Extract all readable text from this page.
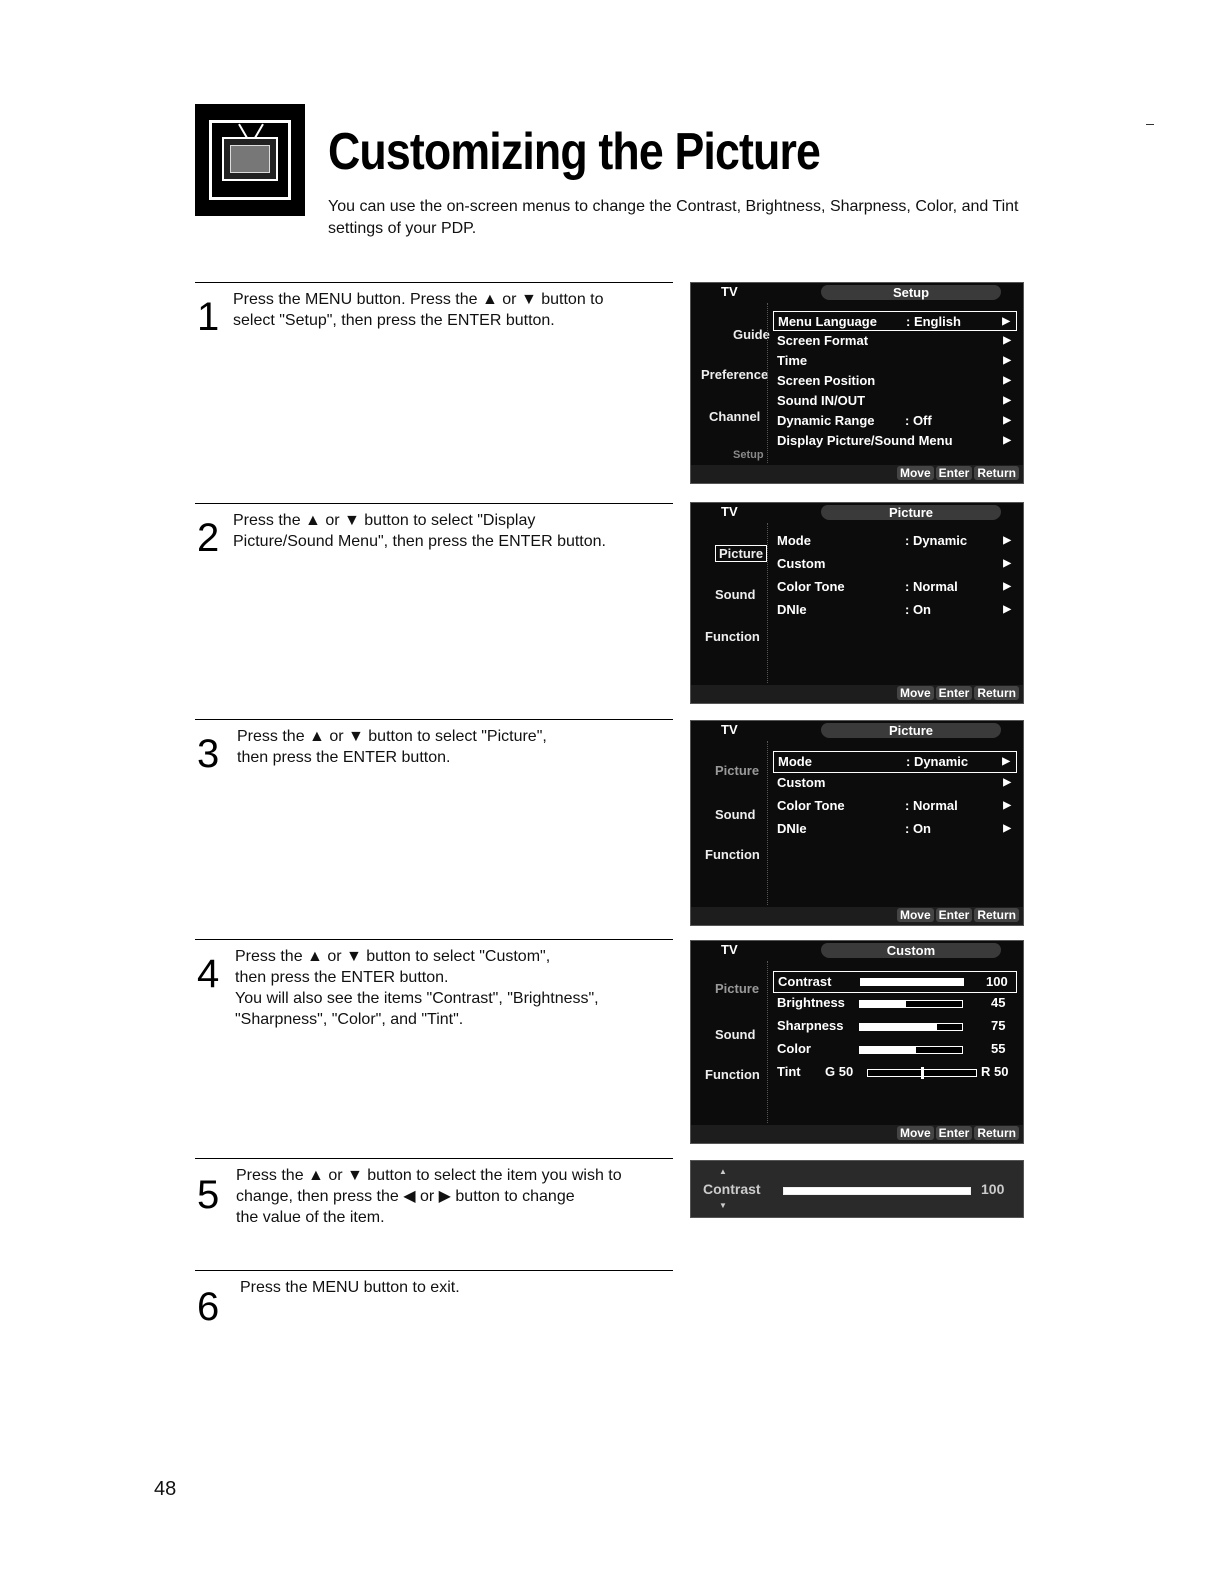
Customizing the Picture
You can use the on-screen menus to change the Contrast, Brightness, Sharpness, Color, and Tint settings of your PDP.
1 Press the MENU button. Press the ▲ or ▼ button to

select "Setup", then press the ENTER button.

2 Press the ▲ or ▼ button to select "Display

Picture/Sound Menu", then press the ENTER button.

3 Press the ▲ or ▼ button to select "Picture",

then press the ENTER button.

4 Press the ▲ or ▼ button to select "Custom",

then press the ENTER button.

You will also see the items "Contrast", "Brightness",

"Sharpness", "Color", and "Tint".

5 Press the ▲ or ▼ button to select the item you wish to

change, then press the ◀ or ▶ button to change

the value of the item.

6 Press the MENU button to exit.

TV	Setup
Guide
Preference
Channel
Setup
Menu Language : English	▶
Screen Format	▶
Time	▶
Screen Position	▶
Sound IN/OUT	▶
Dynamic Range : Off	▶
Display Picture/Sound Menu	▶
Move Enter Return
TV	Picture
Picture
Sound
Function
Mode	: Dynamic	▶
Custom	▶
Color Tone	: Normal	▶
DNIe	: On	▶
Move Enter Return
TV	Picture
Picture
Sound
Function
Mode	: Dynamic	▶
Custom	▶
Color Tone	: Normal	▶
DNIe	: On	▶
Move Enter Return
TV	Custom
Picture
Sound
Function
Contrast	100
Brightness	45
Sharpness	75
Color	55
Tint G 50	R 50
Move Enter Return
▲
Contrast
▼
100
48
